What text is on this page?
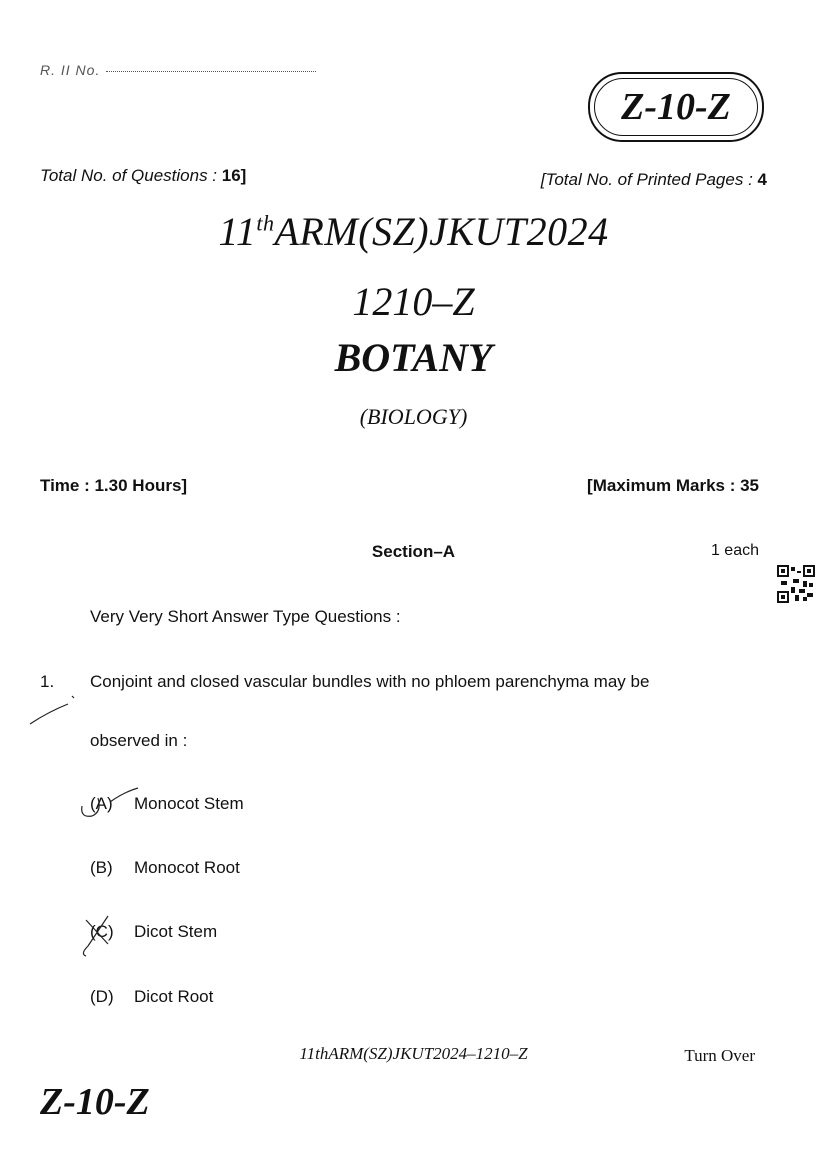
R. II No.
Z-10-Z
Total No. of Questions : 16]	[Total No. of Printed Pages : 4
11thARM(SZ)JKUT2024
1210–Z
BOTANY
(BIOLOGY)
Time : 1.30 Hours]	[Maximum Marks : 35
Section–A	1 each
Very Very Short Answer Type Questions :
1. Conjoint and closed vascular bundles with no phloem parenchyma may be
observed in :
(A) Monocot Stem
(B) Monocot Root
(C) Dicot Stem
(D) Dicot Root
11thARM(SZ)JKUT2024–1210–Z	Turn Over
Z-10-Z
